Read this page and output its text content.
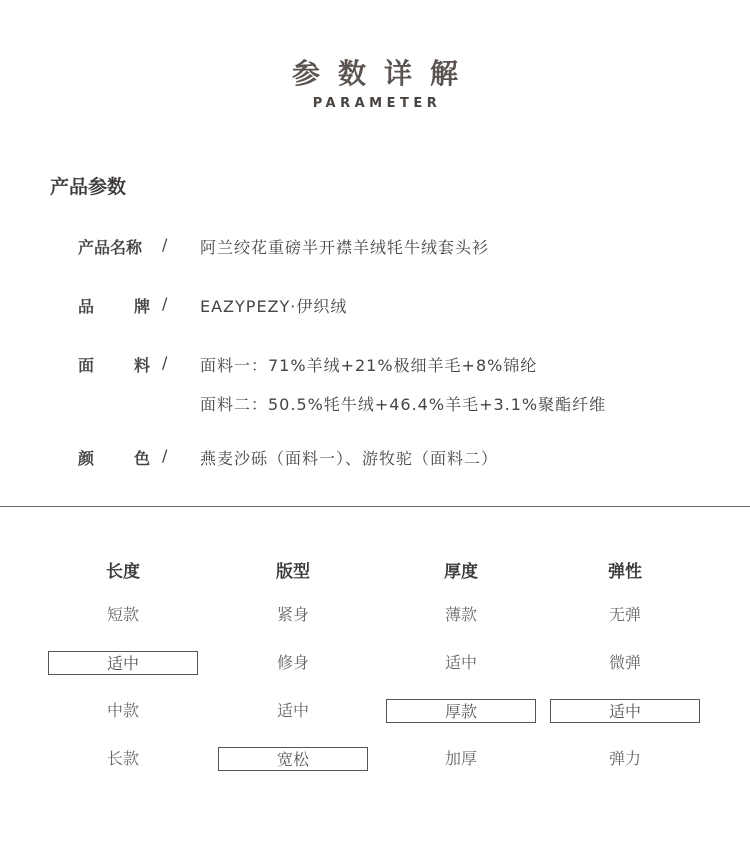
参数详解
PARAMETER
产品参数
产品名称 / 阿兰绞花重磅半开襟羊绒牦牛绒套头衫
品 牌 / EAZYPEZY·伊织绒
面 料 / 面料一：71%羊绒+21%极细羊毛+8%锦纶
面料二：50.5%牦牛绒+46.4%羊毛+3.1%聚酯纤维
颜 色 / 燕麦沙砾（面料一）、游牧驼（面料二）
长度
短款
适中
中款
长款
版型
紧身
修身
适中
宽松
厚度
薄款
适中
厚款
加厚
弹性
无弹
微弹
适中
弹力
